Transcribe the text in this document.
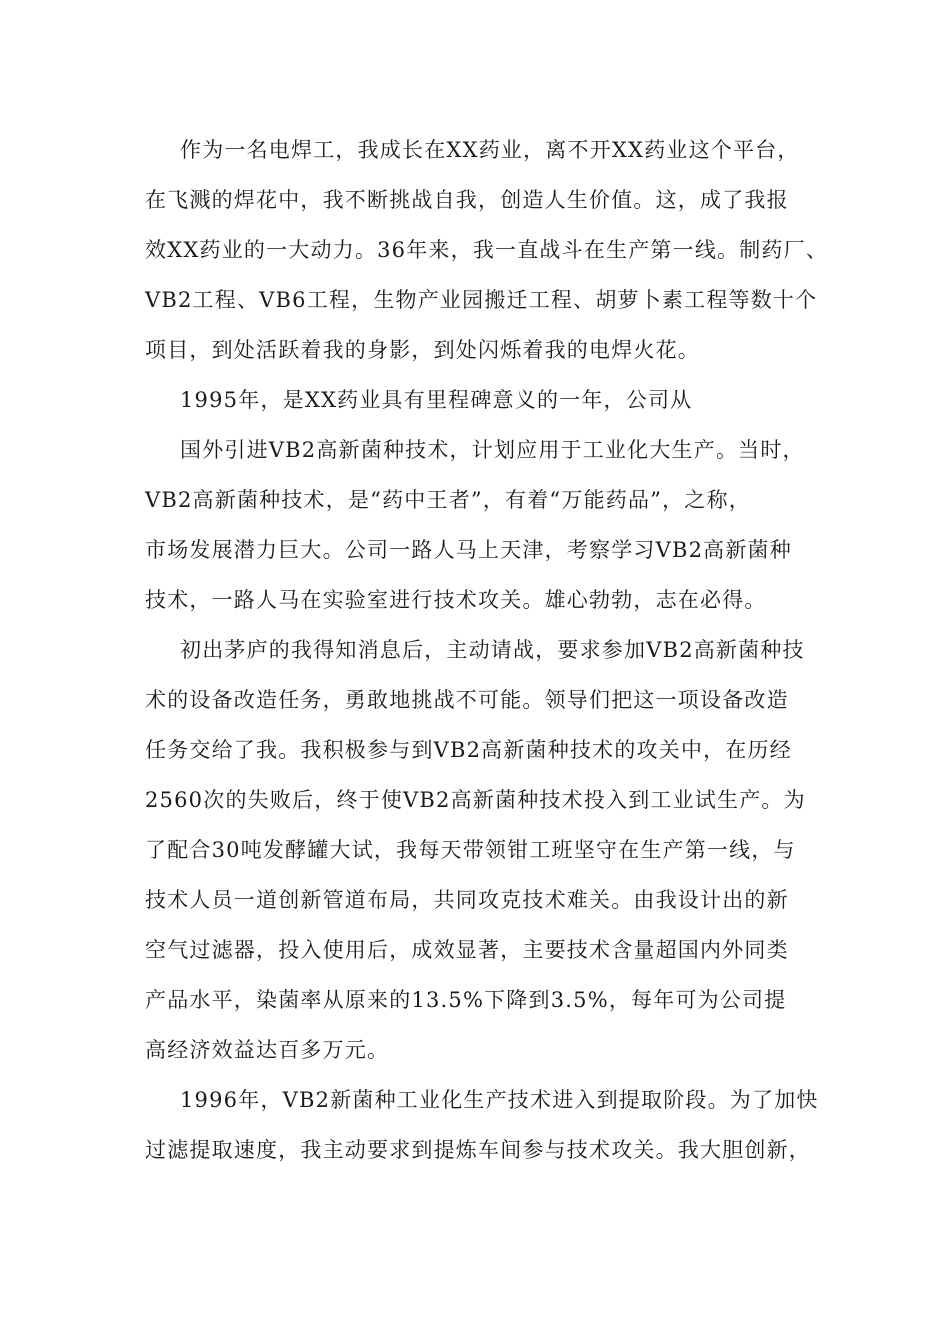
作为一名电焊工，我成长在XX药业，离不开XX药业这个平台，
在飞溅的焊花中，我不断挑战自我，创造人生价值。这，成了我报
效XX药业的一大动力。36年来，我一直战斗在生产第一线。制药厂、
VB2工程、VB6工程，生物产业园搬迁工程、胡萝卜素工程等数十个
项目，到处活跃着我的身影，到处闪烁着我的电焊火花。
1995年，是XX药业具有里程碑意义的一年，公司从
国外引进VB2高新菌种技术，计划应用于工业化大生产。当时，
VB2高新菌种技术，是“药中王者”，有着“万能药品”，之称，
市场发展潜力巨大。公司一路人马上天津，考察学习VB2高新菌种
技术，一路人马在实验室进行技术攻关。雄心勃勃，志在必得。
初出茅庐的我得知消息后，主动请战，要求参加VB2高新菌种技
术的设备改造任务，勇敢地挑战不可能。领导们把这一项设备改造
任务交给了我。我积极参与到VB2高新菌种技术的攻关中，在历经
2560次的失败后，终于使VB2高新菌种技术投入到工业试生产。为
了配合30吨发酵罐大试，我每天带领钳工班坚守在生产第一线，与
技术人员一道创新管道布局，共同攻克技术难关。由我设计出的新
空气过滤器，投入使用后，成效显著，主要技术含量超国内外同类
产品水平，染菌率从原来的13.5%下降到3.5%，每年可为公司提
高经济效益达百多万元。
1996年，VB2新菌种工业化生产技术进入到提取阶段。为了加快
过滤提取速度，我主动要求到提炼车间参与技术攻关。我大胆创新，
